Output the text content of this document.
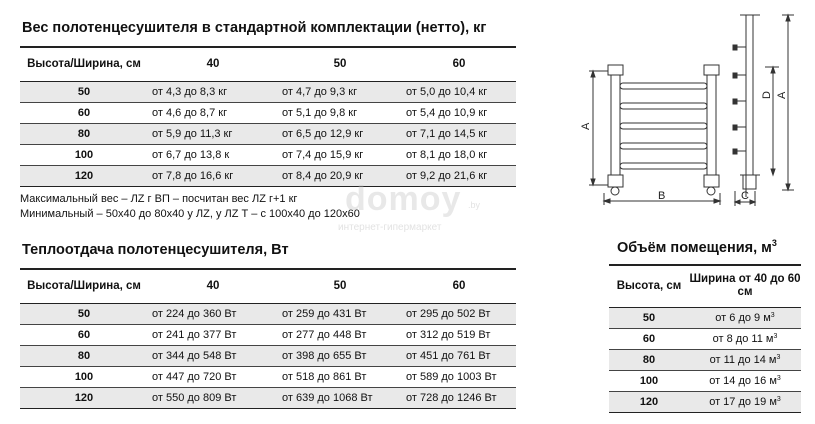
Вес полотенцесушителя в стандартной комплектации (нетто), кг
Высота/Ширина, см	40	50	60
50	от 4,3 до 8,3 кг	от 4,7 до 9,3 кг	от 5,0 до 10,4 кг
60	от 4,6 до 8,7 кг	от 5,1 до 9,8 кг	от 5,4 до 10,9 кг
80	от 5,9 до 11,3 кг	от 6,5 до 12,9 кг	от 7,1 до 14,5 кг
100	от 6,7 до 13,8 к	от 7,4 до 15,9 кг	от 8,1 до 18,0 кг
120	от 7,8 до 16,6 кг	от 8,4 до 20,9 кг	от 9,2 до 21,6 кг
Максимальный вес – ЛZ г ВП – посчитан вес ЛZ г+1 кг
Минимальный – 50x40 до 80x40 у ЛZ, у ЛZ Т – с 100x40 до 120x60
domoy .by
интернет-гипермаркет
Теплоотдача полотенцесушителя, Вт
Высота/Ширина, см	40	50	60
50	от 224 до 360 Вт	от 259 до 431 Вт	от 295 до 502 Вт
60	от 241 до 377 Вт	от 277 до 448 Вт	от 312 до 519 Вт
80	от 344 до 548 Вт	от 398 до 655 Вт	от 451 до 761 Вт
100	от 447 до 720 Вт	от 518 до 861 Вт	от 589 до 1003 Вт
120	от 550 до 809 Вт	от 639 до 1068 Вт	от 728 до 1246 Вт
Объём помещения, $м^3$
Высота, см	Ширина от 40 до 60 см
50	от 6 до 9 $м^3$
60	от 8 до 11 $м^3$
80	от 11 до 14 $м^3$
100	от 14 до 16 $м^3$
120	от 17 до 19 $м^3$
A
B	C
D A
